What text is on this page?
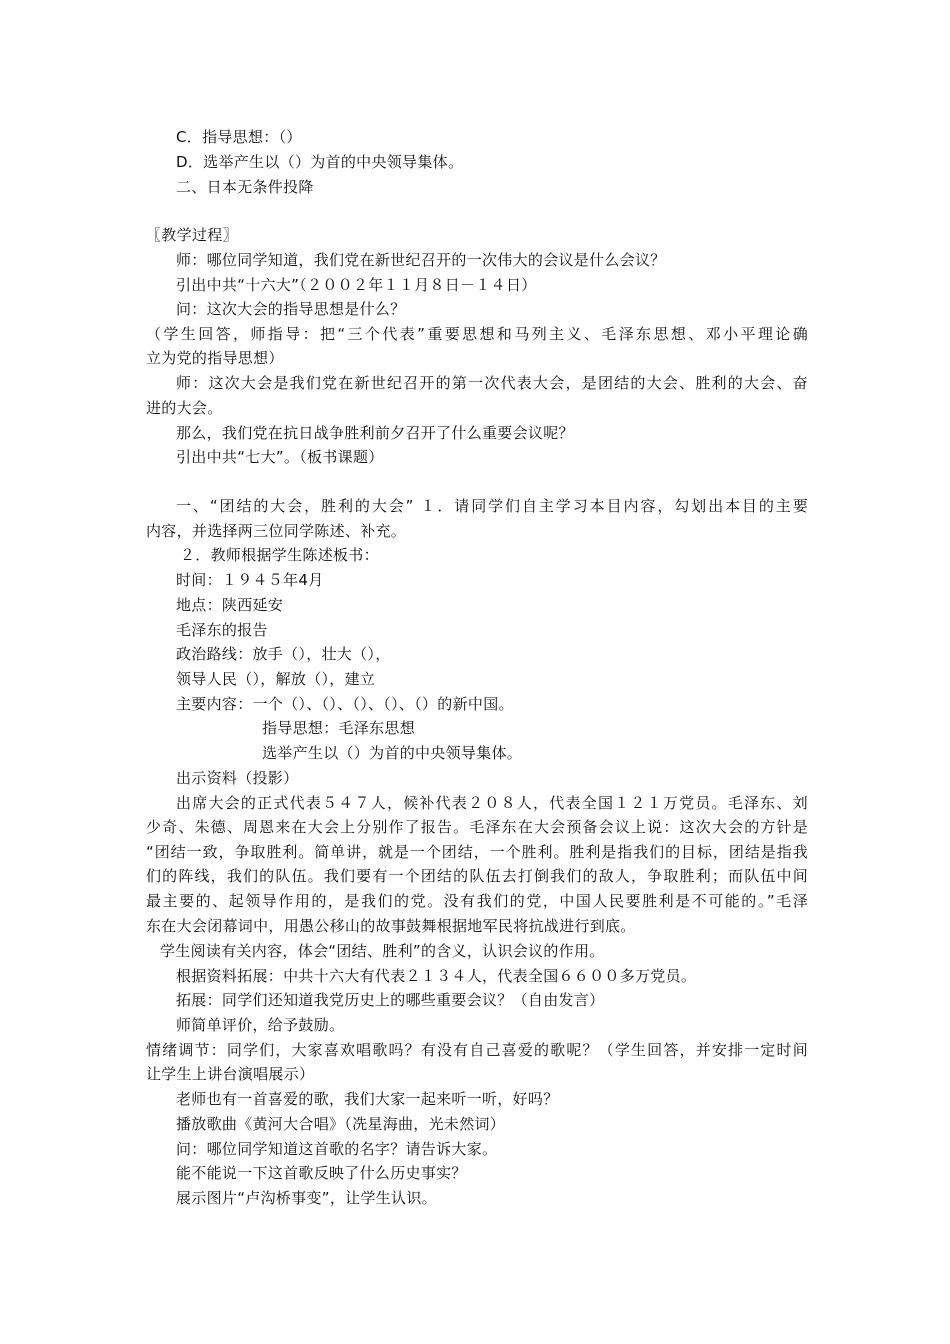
C．指导思想：（）
D．选举产生以（）为首的中央领导集体。
二、日本无条件投降
〖教学过程〗
师：哪位同学知道，我们党在新世纪召开的一次伟大的会议是什么会议？
引出中共“十六大”（２００２年１１月８日－１４日）
问：这次大会的指导思想是什么？
（学生回答，师指导：把“三个代表”重要思想和马列主义、毛泽东思想、邓小平理论确
立为党的指导思想）
师：这次大会是我们党在新世纪召开的第一次代表大会，是团结的大会、胜利的大会、奋
进的大会。
那么，我们党在抗日战争胜利前夕召开了什么重要会议呢？
引出中共“七大”。（板书课题）
一、“团结的大会，胜利的大会” １．请同学们自主学习本目内容，勾划出本目的主要
内容，并选择两三位同学陈述、补充。
２．教师根据学生陈述板书：
时间：１９４５年4月
地点：陕西延安
毛泽东的报告
政治路线：放手（），壮大（），
领导人民（），解放（），建立
主要内容：一个（）、（）、（）、（）、（）的新中国。
指导思想：毛泽东思想
选举产生以（）为首的中央领导集体。
出示资料（投影）
出席大会的正式代表５４７人，候补代表２０８人，代表全国１２１万党员。毛泽东、刘
少奇、朱德、周恩来在大会上分别作了报告。毛泽东在大会预备会议上说：这次大会的方针是
“团结一致，争取胜利。简单讲，就是一个团结，一个胜利。胜利是指我们的目标，团结是指我
们的阵线，我们的队伍。我们要有一个团结的队伍去打倒我们的敌人，争取胜利；而队伍中间
最主要的、起领导作用的，是我们的党。没有我们的党，中国人民要胜利是不可能的。”毛泽
东在大会闭幕词中，用愚公移山的故事鼓舞根据地军民将抗战进行到底。
学生阅读有关内容，体会“团结、胜利”的含义，认识会议的作用。
根据资料拓展：中共十六大有代表２１３４人，代表全国６６００多万党员。
拓展：同学们还知道我党历史上的哪些重要会议？（自由发言）
师简单评价，给予鼓励。
情绪调节：同学们，大家喜欢唱歌吗？有没有自己喜爱的歌呢？（学生回答，并安排一定时间
让学生上讲台演唱展示）
老师也有一首喜爱的歌，我们大家一起来听一听，好吗？
播放歌曲《黄河大合唱》（冼星海曲，光未然词）
问：哪位同学知道这首歌的名字？请告诉大家。
能不能说一下这首歌反映了什么历史事实？
展示图片“卢沟桥事变”，让学生认识。
